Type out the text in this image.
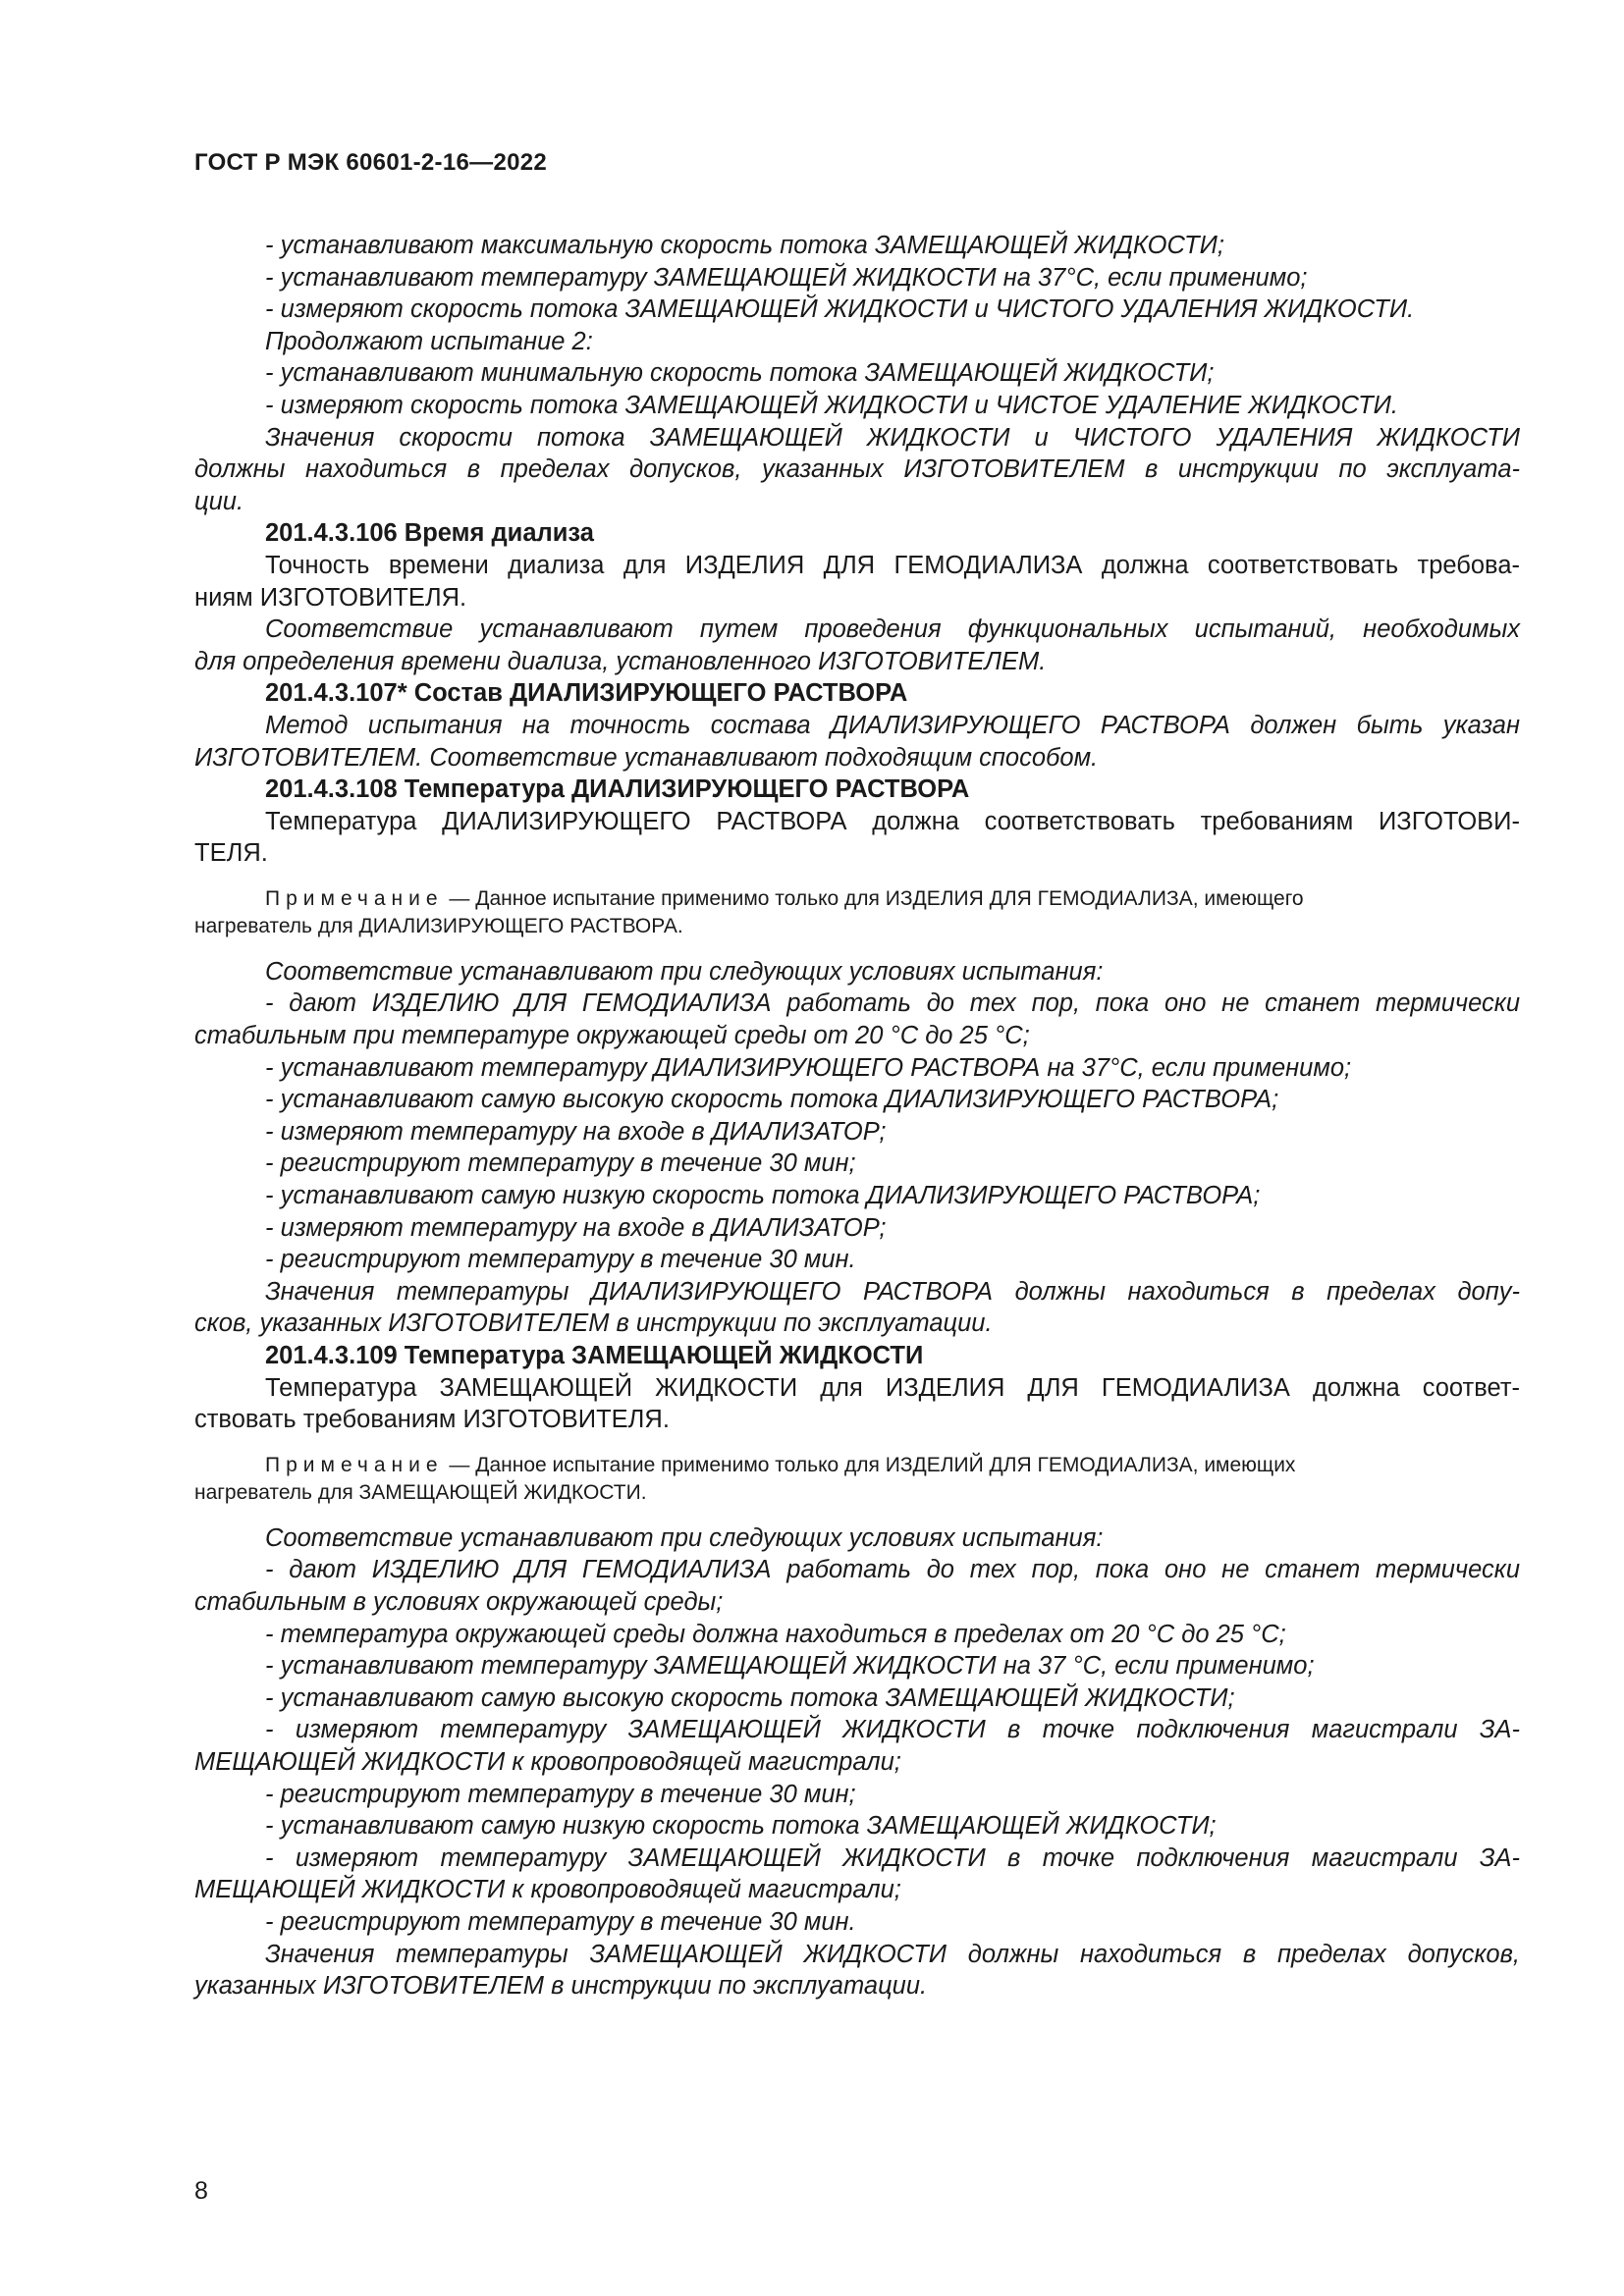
ГОСТ Р МЭК 60601-2-16—2022
- устанавливают максимальную скорость потока ЗАМЕЩАЮЩЕЙ ЖИДКОСТИ;
- устанавливают температуру ЗАМЕЩАЮЩЕЙ ЖИДКОСТИ на 37°С, если применимо;
- измеряют скорость потока ЗАМЕЩАЮЩЕЙ ЖИДКОСТИ и ЧИСТОГО УДАЛЕНИЯ ЖИДКОСТИ.
Продолжают испытание 2:
- устанавливают минимальную скорость потока ЗАМЕЩАЮЩЕЙ ЖИДКОСТИ;
- измеряют скорость потока ЗАМЕЩАЮЩЕЙ ЖИДКОСТИ и ЧИСТОЕ УДАЛЕНИЕ ЖИДКОСТИ.
Значения скорости потока ЗАМЕЩАЮЩЕЙ ЖИДКОСТИ и ЧИСТОГО УДАЛЕНИЯ ЖИДКОСТИ
должны находиться в пределах допусков, указанных ИЗГОТОВИТЕЛЕМ в инструкции по эксплуата-
ции.
201.4.3.106 Время диализа
Точность времени диализа для ИЗДЕЛИЯ ДЛЯ ГЕМОДИАЛИЗА должна соответствовать требова-
ниям ИЗГОТОВИТЕЛЯ.
Соответствие устанавливают путем проведения функциональных испытаний, необходимых
для определения времени диализа, установленного ИЗГОТОВИТЕЛЕМ.
201.4.3.107* Состав ДИАЛИЗИРУЮЩЕГО РАСТВОРА
Метод испытания на точность состава ДИАЛИЗИРУЮЩЕГО РАСТВОРА должен быть указан
ИЗГОТОВИТЕЛЕМ. Соответствие устанавливают подходящим способом.
201.4.3.108 Температура ДИАЛИЗИРУЮЩЕГО РАСТВОРА
Температура ДИАЛИЗИРУЮЩЕГО РАСТВОРА должна соответствовать требованиям ИЗГОТОВИ-
ТЕЛЯ.
Примечание — Данное испытание применимо только для ИЗДЕЛИЯ ДЛЯ ГЕМОДИАЛИЗА, имеющего
нагреватель для ДИАЛИЗИРУЮЩЕГО РАСТВОРА.
Соответствие устанавливают при следующих условиях испытания:
- дают ИЗДЕЛИЮ ДЛЯ ГЕМОДИАЛИЗА работать до тех пор, пока оно не станет термически
стабильным при температуре окружающей среды от 20 °С до 25 °С;
- устанавливают температуру ДИАЛИЗИРУЮЩЕГО РАСТВОРА на 37°С, если применимо;
- устанавливают самую высокую скорость потока ДИАЛИЗИРУЮЩЕГО РАСТВОРА;
- измеряют температуру на входе в ДИАЛИЗАТОР;
- регистрируют температуру в течение 30 мин;
- устанавливают самую низкую скорость потока ДИАЛИЗИРУЮЩЕГО РАСТВОРА;
- измеряют температуру на входе в ДИАЛИЗАТОР;
- регистрируют температуру в течение 30 мин.
Значения температуры ДИАЛИЗИРУЮЩЕГО РАСТВОРА должны находиться в пределах допу-
сков, указанных ИЗГОТОВИТЕЛЕМ в инструкции по эксплуатации.
201.4.3.109 Температура ЗАМЕЩАЮЩЕЙ ЖИДКОСТИ
Температура ЗАМЕЩАЮЩЕЙ ЖИДКОСТИ для ИЗДЕЛИЯ ДЛЯ ГЕМОДИАЛИЗА должна соответ-
ствовать требованиям ИЗГОТОВИТЕЛЯ.
Примечание — Данное испытание применимо только для ИЗДЕЛИЙ ДЛЯ ГЕМОДИАЛИЗА, имеющих
нагреватель для ЗАМЕЩАЮЩЕЙ ЖИДКОСТИ.
Соответствие устанавливают при следующих условиях испытания:
- дают ИЗДЕЛИЮ ДЛЯ ГЕМОДИАЛИЗА работать до тех пор, пока оно не станет термически
стабильным в условиях окружающей среды;
- температура окружающей среды должна находиться в пределах от 20 °С до 25 °С;
- устанавливают температуру ЗАМЕЩАЮЩЕЙ ЖИДКОСТИ на 37 °С, если применимо;
- устанавливают самую высокую скорость потока ЗАМЕЩАЮЩЕЙ ЖИДКОСТИ;
- измеряют температуру ЗАМЕЩАЮЩЕЙ ЖИДКОСТИ в точке подключения магистрали ЗА-
МЕЩАЮЩЕЙ ЖИДКОСТИ к кровопроводящей магистрали;
- регистрируют температуру в течение 30 мин;
- устанавливают самую низкую скорость потока ЗАМЕЩАЮЩЕЙ ЖИДКОСТИ;
- измеряют температуру ЗАМЕЩАЮЩЕЙ ЖИДКОСТИ в точке подключения магистрали ЗА-
МЕЩАЮЩЕЙ ЖИДКОСТИ к кровопроводящей магистрали;
- регистрируют температуру в течение 30 мин.
Значения температуры ЗАМЕЩАЮЩЕЙ ЖИДКОСТИ должны находиться в пределах допусков,
указанных ИЗГОТОВИТЕЛЕМ в инструкции по эксплуатации.
8
